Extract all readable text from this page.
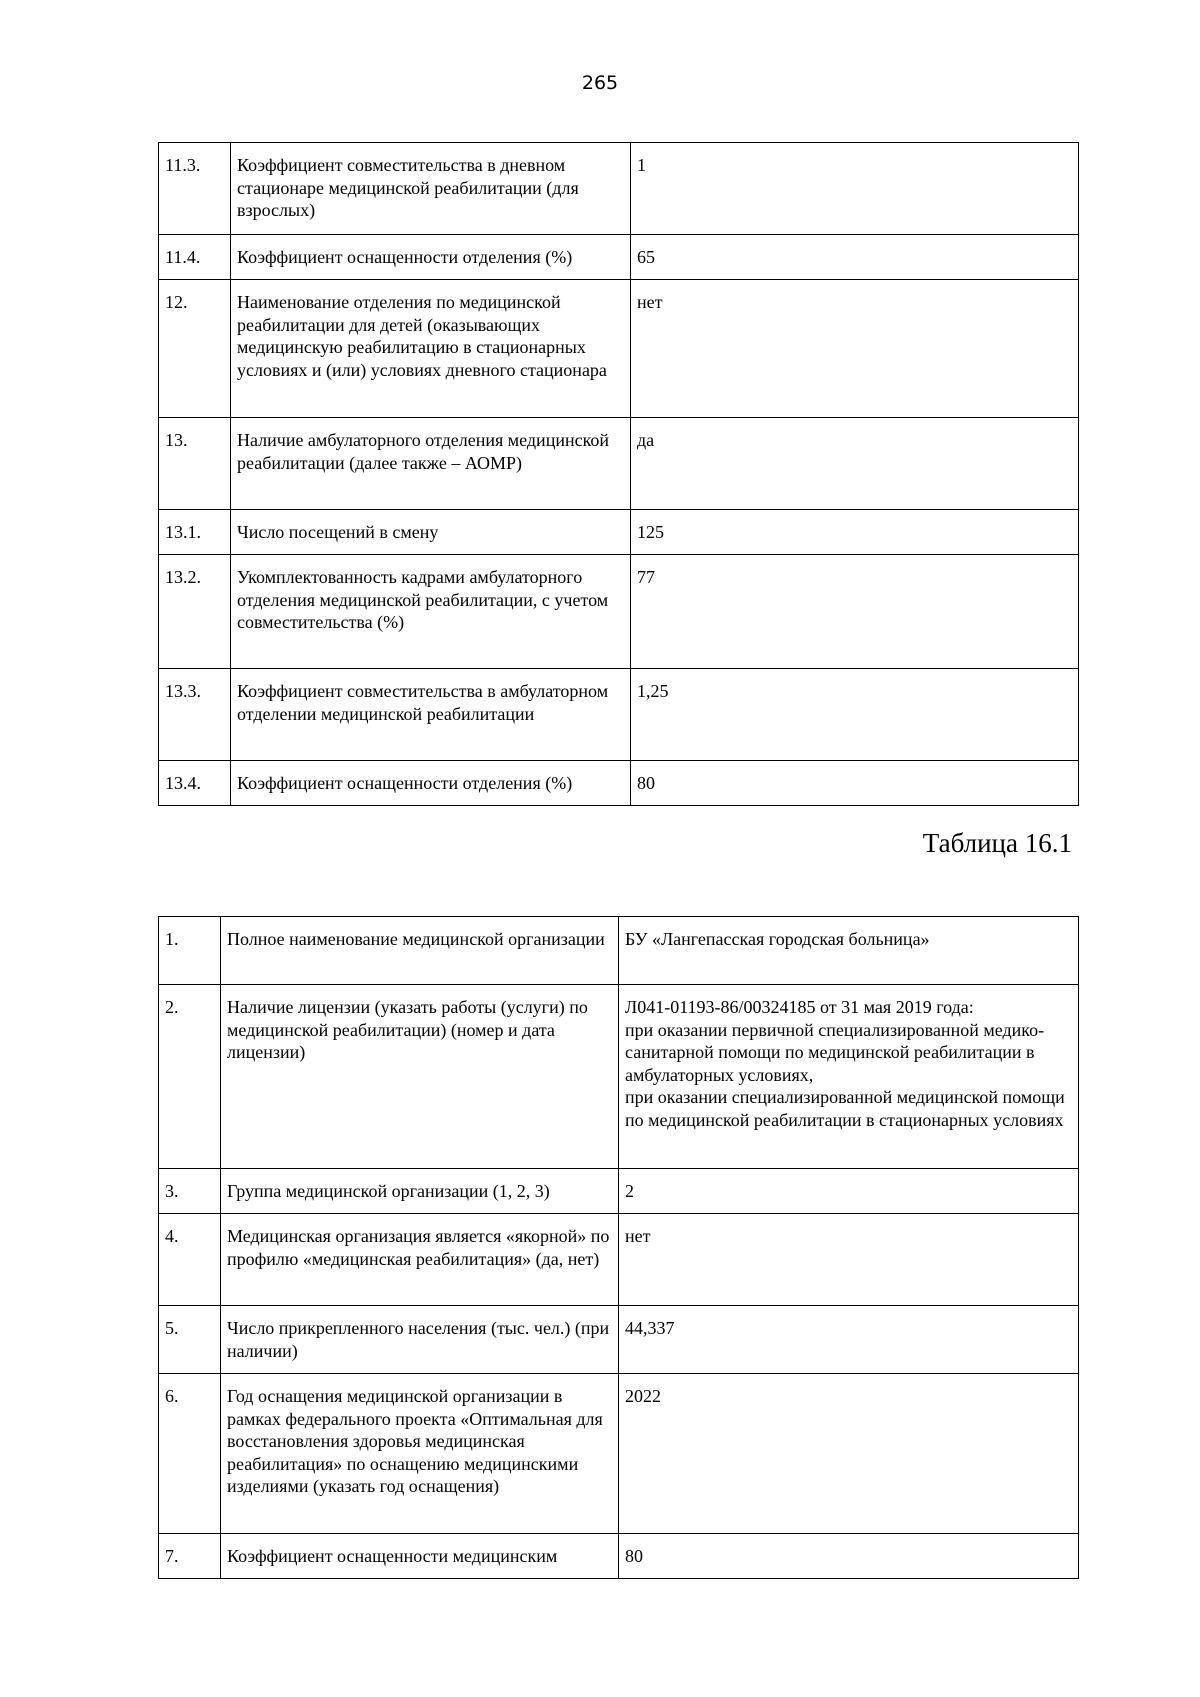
265
11.3.	Коэффициент совместительства в дневном стационаре медицинской реабилитации (для взрослых)	1
11.4.	Коэффициент оснащенности отделения (%)	65
12.	Наименование отделения по медицинской реабилитации для детей (оказывающих медицинскую реабилитацию в стационарных условиях и (или) условиях дневного стационара	нет
13.	Наличие амбулаторного отделения медицинской реабилитации (далее также – АОМР)	да
13.1.	Число посещений в смену	125
13.2.	Укомплектованность кадрами амбулаторного отделения медицинской реабилитации, с учетом совместительства (%)	77
13.3.	Коэффициент совместительства в амбулаторном отделении медицинской реабилитации	1,25
13.4.	Коэффициент оснащенности отделения (%)	80
Таблица 16.1
1.	Полное наименование медицинской организации	БУ «Лангепасская городская больница»
2.	Наличие лицензии (указать работы (услуги) по медицинской реабилитации) (номер и дата лицензии)	Л041-01193-86/00324185 от 31 мая 2019 года:
при оказании первичной специализированной медико-санитарной помощи по медицинской реабилитации в амбулаторных условиях,
при оказании специализированной медицинской помощи по медицинской реабилитации в стационарных условиях
3.	Группа медицинской организации (1, 2, 3)	2
4.	Медицинская организация является «якорной» по профилю «медицинская реабилитация» (да, нет)	нет
5.	Число прикрепленного населения (тыс. чел.) (при наличии)	44,337
6.	Год оснащения медицинской организации в рамках федерального проекта «Оптимальная для восстановления здоровья медицинская реабилитация» по оснащению медицинскими изделиями (указать год оснащения)	2022
7.	Коэффициент оснащенности медицинским	80
